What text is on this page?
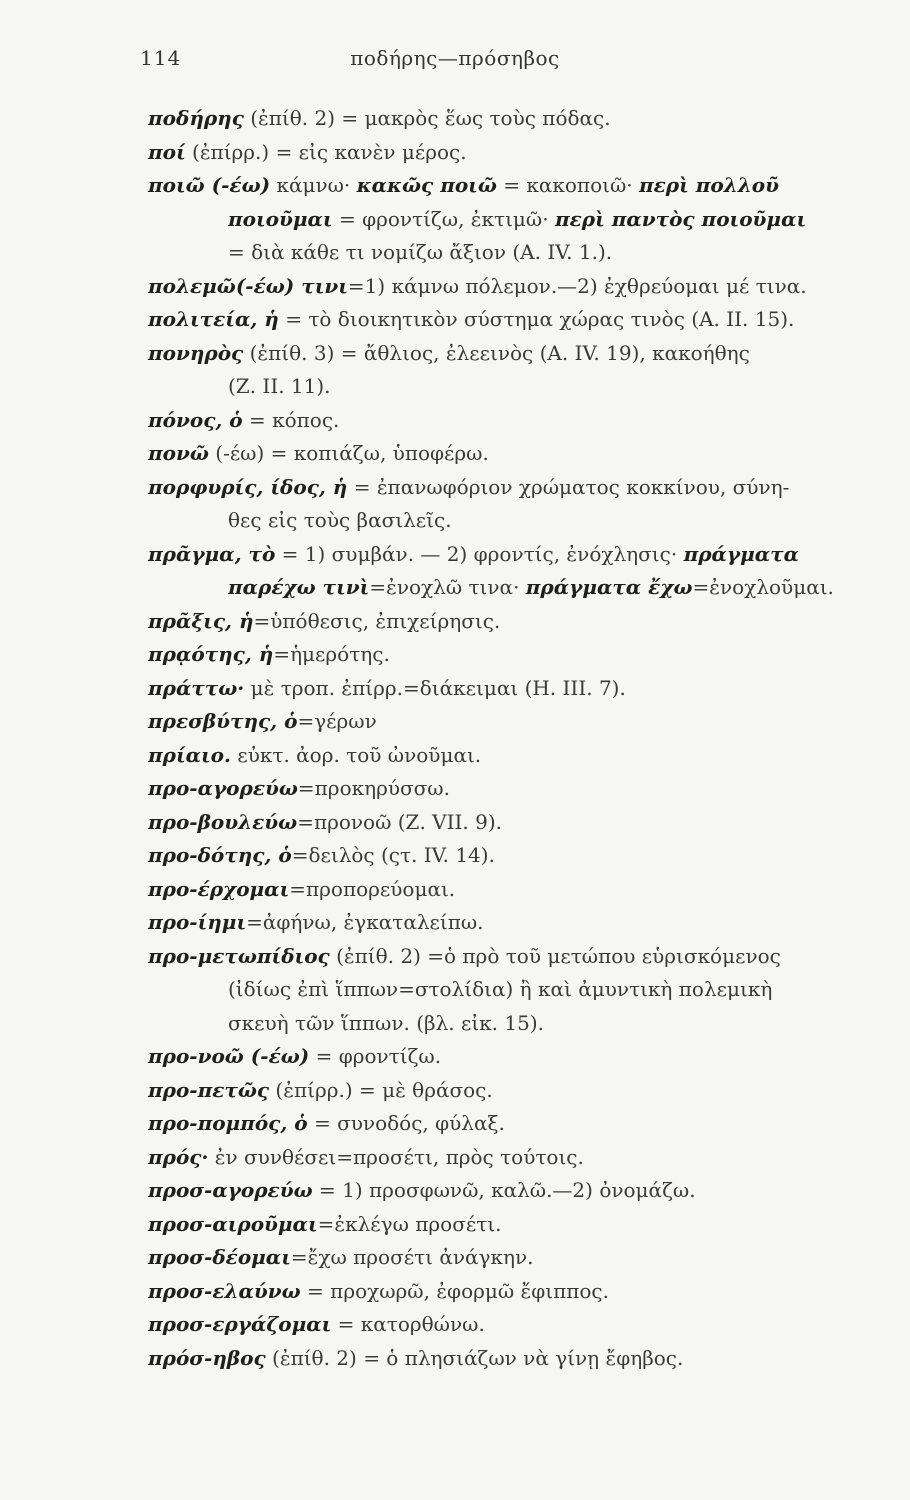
114	ποδήρης—πρόσηβος
ποδήρης (ἐπίθ. 2) = μακρὸς ἕως τοὺς πόδας.
ποί (ἐπίρρ.) = εἰς κανὲν μέρος.
ποιῶ (-έω) κάμνω· κακῶς ποιῶ = κακοποιῶ· περὶ πολλοῦ
ποιοῦμαι = φροντίζω, ἐκτιμῶ· περὶ παντὸς ποιοῦμαι
= διὰ κάθε τι νομίζω ἄξιον (Α. IV. 1.).
πολεμῶ(-έω) τινι=1) κάμνω πόλεμον.—2) ἐχθρεύομαι μέ τινα.
πολιτεία, ἡ = τὸ διοικητικὸν σύστημα χώρας τινὸς (Α. II. 15).
πονηρὸς (ἐπίθ. 3) = ἄθλιος, ἐλεεινὸς (Α. IV. 19), κακοήθης
(Ζ. II. 11).
πόνος, ὁ = κόπος.
πονῶ (-έω) = κοπιάζω, ὑποφέρω.
πορφυρίς, ίδος, ἡ = ἐπανωφόριον χρώματος κοκκίνου, σύνη-
θες εἰς τοὺς βασιλεῖς.
πρᾶγμα, τὸ = 1) συμβάν. — 2) φροντίς, ἐνόχλησις· πράγματα
παρέχω τινὶ=ἐνοχλῶ τινα· πράγματα ἔχω=ἐνοχλοῦμαι.
πρᾶξις, ἡ=ὑπόθεσις, ἐπιχείρησις.
πρᾳότης, ἡ=ἡμερότης.
πράττω· μὲ τροπ. ἐπίρρ.=διάκειμαι (Η. III. 7).
πρεσβύτης, ὁ=γέρων
πρίαιο. εὐκτ. ἀορ. τοῦ ὠνοῦμαι.
προ-αγορεύω=προκηρύσσω.
προ-βουλεύω=προνοῶ (Ζ. VII. 9).
προ-δότης, ὁ=δειλὸς (ςτ. IV. 14).
προ-έρχομαι=προπορεύομαι.
προ-ίημι=ἀφήνω, ἐγκαταλείπω.
προ-μετωπίδιος (ἐπίθ. 2) =ὁ πρὸ τοῦ μετώπου εὑρισκόμενος
(ἰδίως ἐπὶ ἵππων=στολίδια) ἢ καὶ ἀμυντικὴ πολεμικὴ
σκευὴ τῶν ἵππων. (βλ. εἰκ. 15).
προ-νοῶ (-έω) = φροντίζω.
προ-πετῶς (ἐπίρρ.) = μὲ θράσος.
προ-πομπός, ὁ = συνοδός, φύλαξ.
πρός· ἐν συνθέσει=προσέτι, πρὸς τούτοις.
προσ-αγορεύω = 1) προσφωνῶ, καλῶ.—2) ὀνομάζω.
προσ-αιροῦμαι=ἐκλέγω προσέτι.
προσ-δέομαι=ἔχω προσέτι ἀνάγκην.
προσ-ελαύνω = προχωρῶ, ἐφορμῶ ἔφιππος.
προσ-εργάζομαι = κατορθώνω.
πρόσ-ηβος (ἐπίθ. 2) = ὁ πλησιάζων νὰ γίνῃ ἔφηβος.
